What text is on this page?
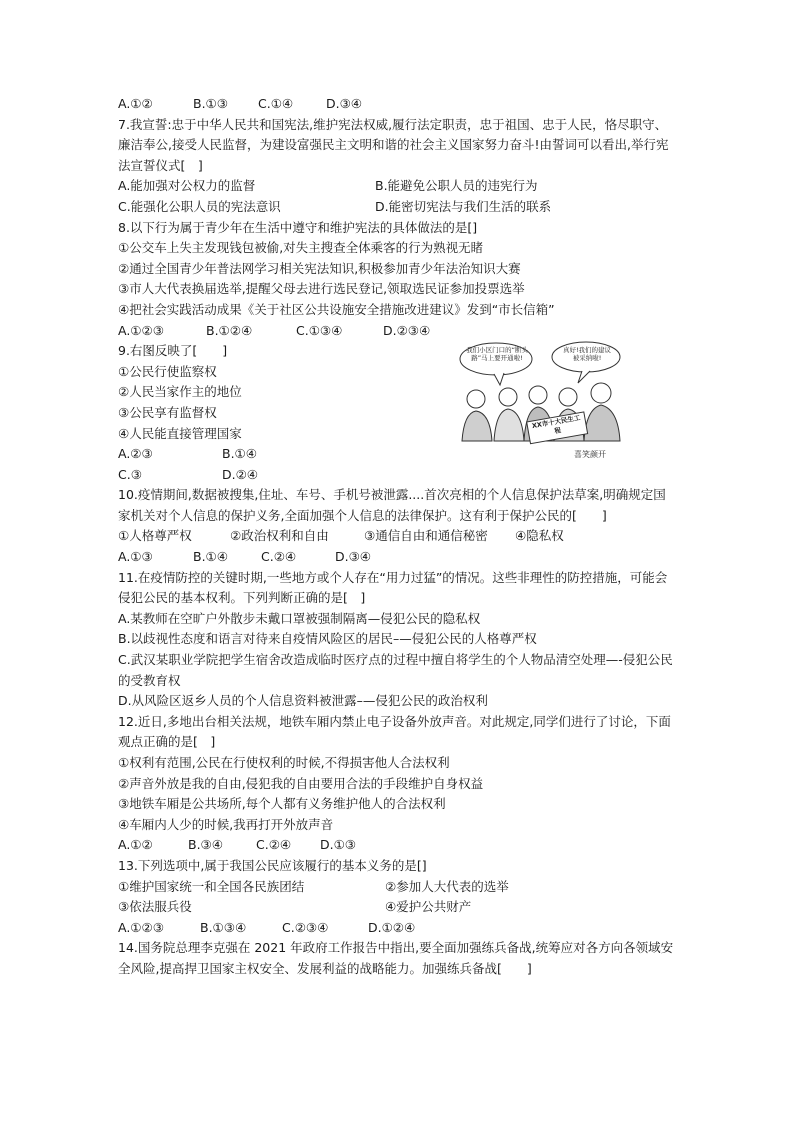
A.①②	B.①③ C.①④	D.③④
7.我宣誓:忠于中华人民共和国宪法,维护宪法权威,履行法定职责，忠于祖国、忠于人民，恪尽职守、廉洁奉公,接受人民监督，为建设富强民主文明和谐的社会主义国家努力奋斗!由誓词可以看出,举行宪法宣誓仪式[　]
A.能加强对公权力的监督	B.能避免公职人员的违宪行为
C.能强化公职人员的宪法意识	D.能密切宪法与我们生活的联系
8.以下行为属于青少年在生活中遵守和维护宪法的具体做法的是[]
①公交车上失主发现钱包被偷,对失主搜查全体乘客的行为熟视无睹
②通过全国青少年普法网学习相关宪法知识,积极参加青少年法治知识大赛
③市人大代表换届选举,提醒父母去进行选民登记,领取选民证参加投票选举
④把社会实践活动成果《关于社区公共设施安全措施改进建议》发到“市长信箱”
A.①②③	B.①②④	C.①③④	D.②③④
9.右图反映了[　　]
①公民行使监察权
②人民当家作主的地位
③公民享有监督权
④人民能直接管理国家
A.②③	B.①④
C.③	D.②④
我们小区门口的“断头路”马上要开通啦!
真好!我们的建议被采纳啦!
XX市十大民生工程
喜笑颜开
10.疫情期间,数据被搜集,住址、车号、手机号被泄露....首次亮相的个人信息保护法草案,明确规定国家机关对个人信息的保护义务,全面加强个人信息的法律保护。这有利于保护公民的[　　]
①人格尊严权	②政治权利和自由	③通信自由和通信秘密 ④隐私权
A.①③	B.①④	C.②④	D.③④
11.在疫情防控的关键时期,一些地方或个人存在“用力过猛”的情况。这些非理性的防控措施，可能会侵犯公民的基本权利。下列判断正确的是[　]
A.某教师在空旷户外散步未戴口罩被强制隔离—侵犯公民的隐私权
B.以歧视性态度和语言对待来自疫情风险区的居民–—侵犯公民的人格尊严权
C.武汉某职业学院把学生宿舍改造成临时医疗点的过程中擅自将学生的个人物品清空处理—-侵犯公民的受教育权
D.从风险区返乡人员的个人信息资料被泄露–—侵犯公民的政治权利
12.近日,多地出台相关法规，地铁车厢内禁止电子设备外放声音。对此规定,同学们进行了讨论，下面观点正确的是[　]
①权利有范围,公民在行使权利的时候,不得损害他人合法权利
②声音外放是我的自由,侵犯我的自由要用合法的手段维护自身权益
③地铁车厢是公共场所,每个人都有义务维护他人的合法权利
④车厢内人少的时候,我再打开外放声音
A.①②	B.③④	C.②④ D.①③
13.下列选项中,属于我国公民应该履行的基本义务的是[]
①维护国家统一和全国各民族团结	②参加人大代表的选举
③依法服兵役	④爱护公共财产
A.①②③	B.①③④	C.②③④	D.①②④
14.国务院总理李克强在 2021 年政府工作报告中指出,要全面加强练兵备战,统筹应对各方向各领域安全风险,提高捍卫国家主权安全、发展利益的战略能力。加强练兵备战[　　]
